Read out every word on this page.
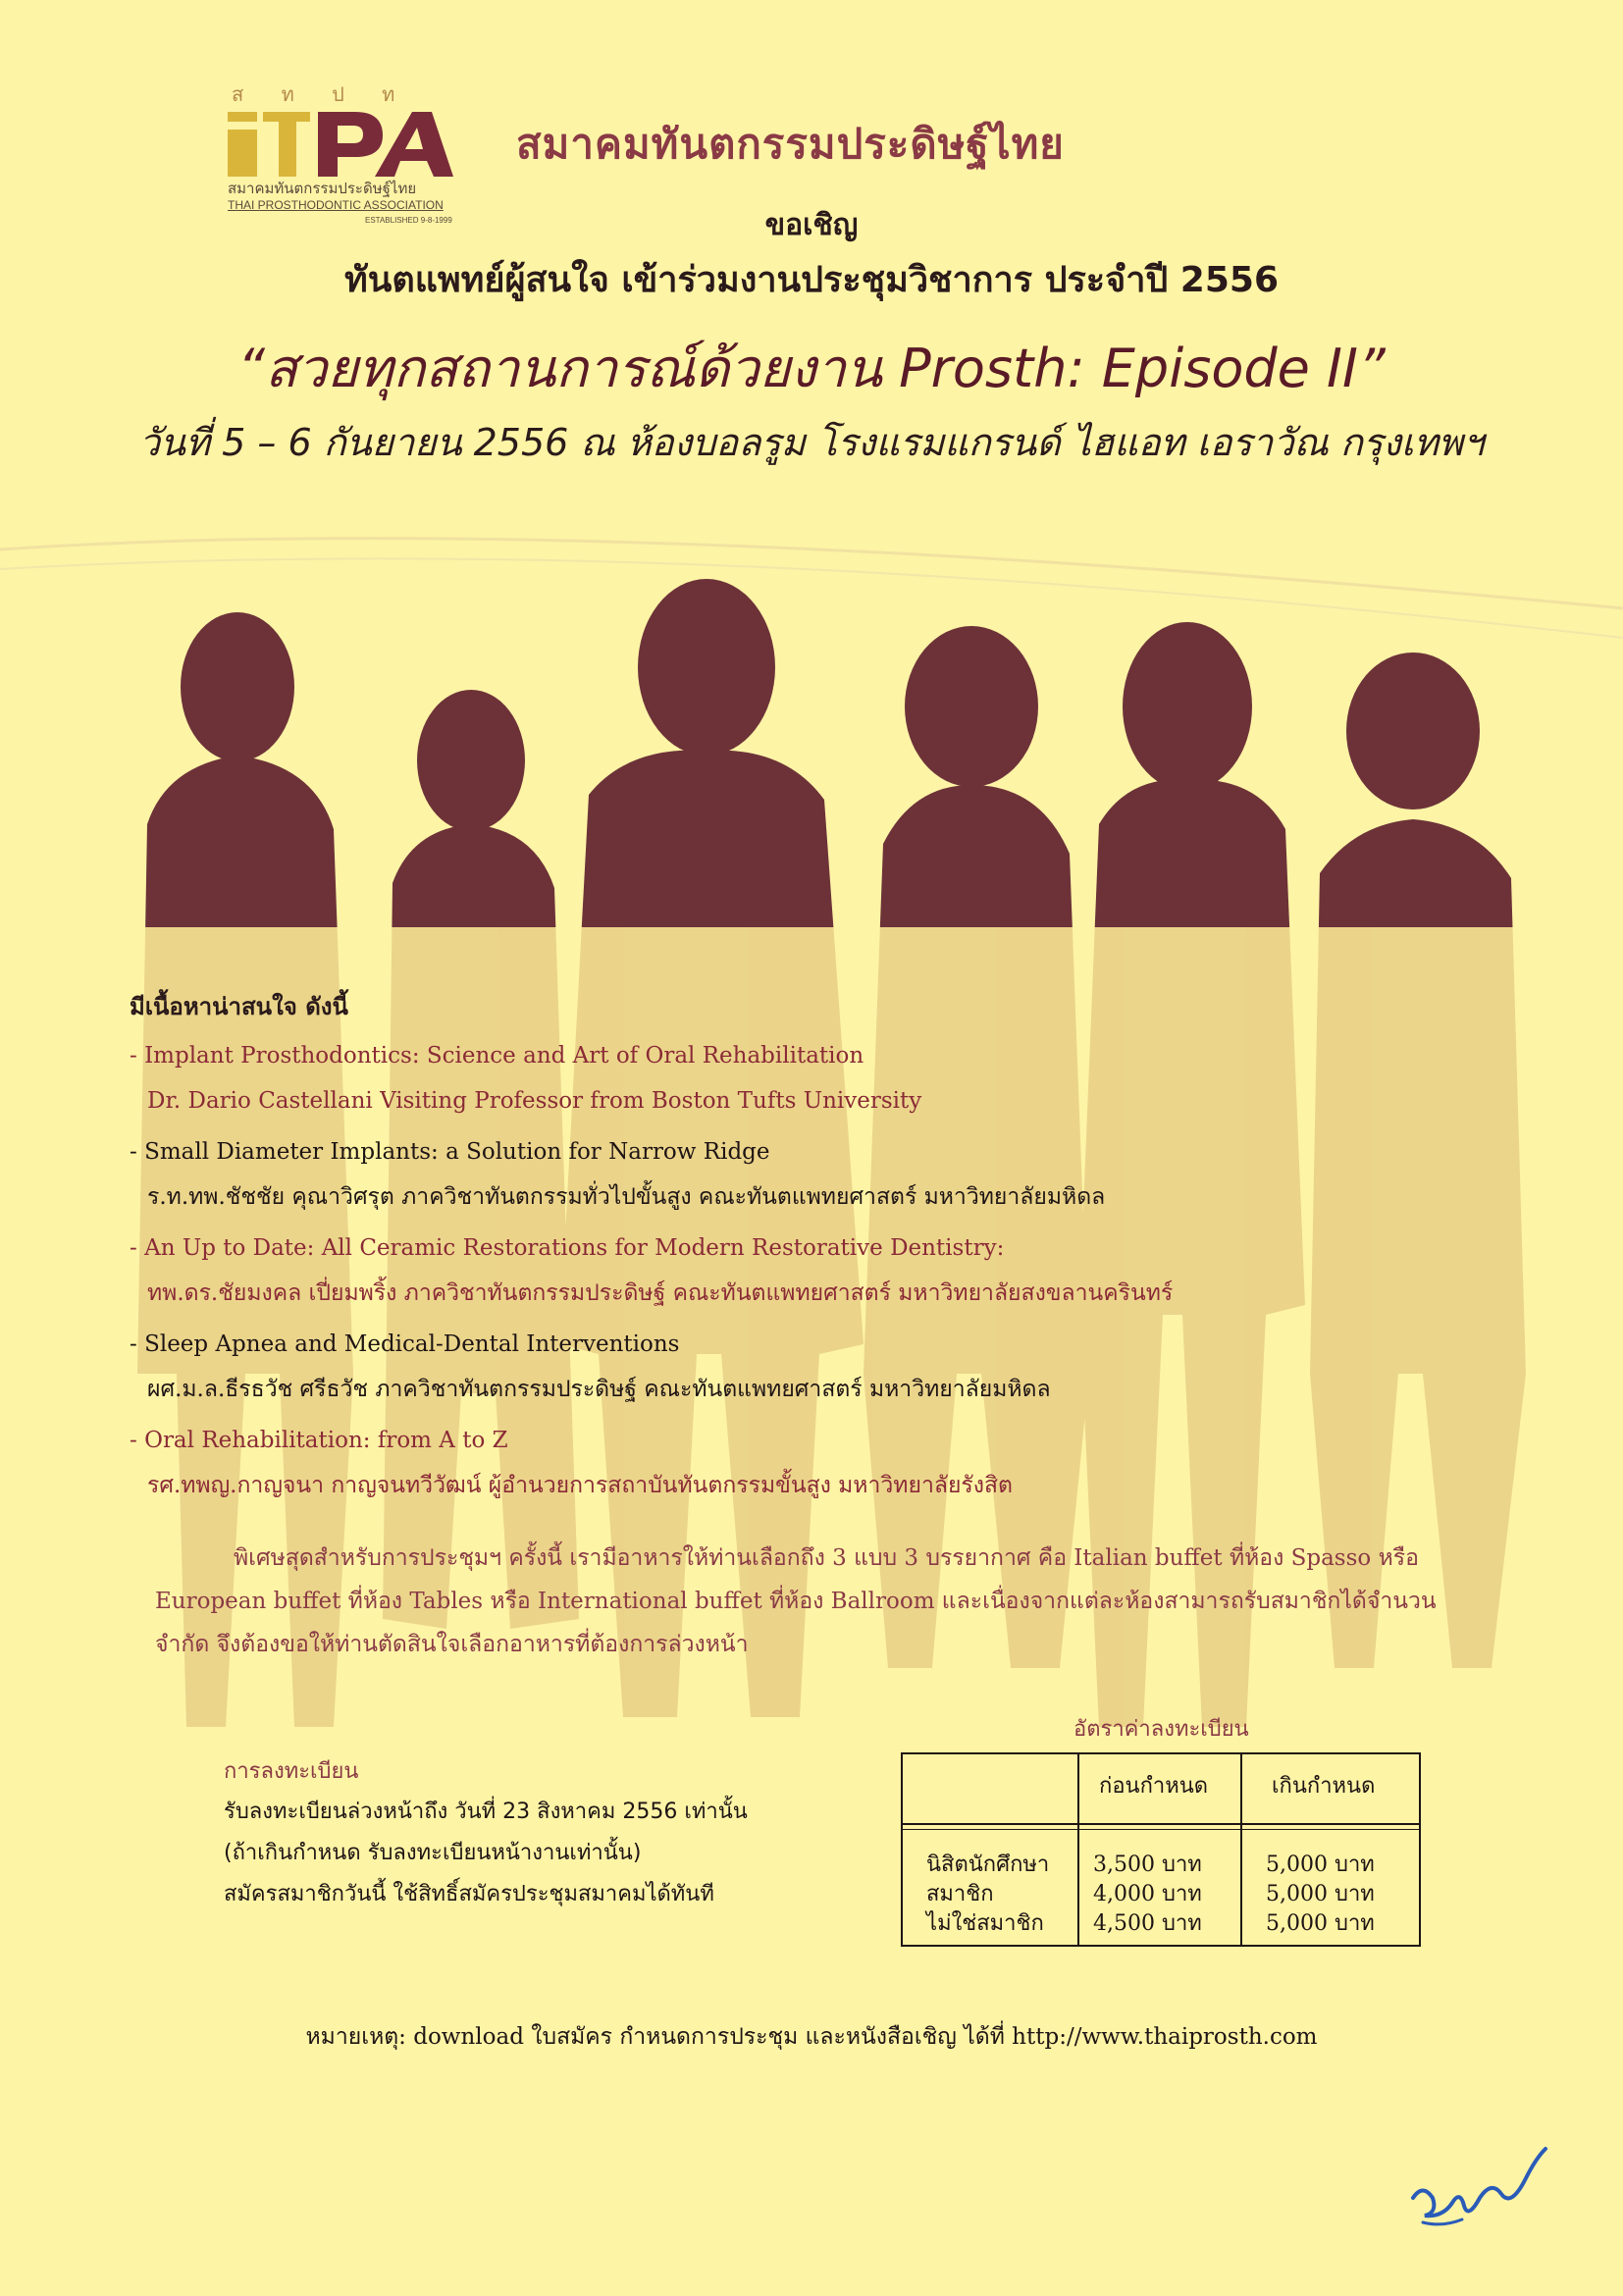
ส ท ป ท
สมาคมทันตกรรมประดิษฐ์ไทย
THAI PROSTHODONTIC ASSOCIATION
ESTABLISHED 9-8-1999
สมาคมทันตกรรมประดิษฐ์ไทย
ขอเชิญ
ทันตแพทย์ผู้สนใจ เข้าร่วมงานประชุมวิชาการ ประจำปี 2556
“สวยทุกสถานการณ์ด้วยงาน Prosth: Episode II”
วันที่ 5 – 6 กันยายน 2556 ณ ห้องบอลรูม โรงแรมแกรนด์ ไฮแอท เอราวัณ กรุงเทพฯ
มีเนื้อหาน่าสนใจ ดังนี้
- Implant Prosthodontics: Science and Art of Oral Rehabilitation
Dr. Dario Castellani Visiting Professor from Boston Tufts University
- Small Diameter Implants: a Solution for Narrow Ridge
ร.ท.ทพ.ชัชชัย คุณาวิศรุต ภาควิชาทันตกรรมทั่วไปขั้นสูง คณะทันตแพทยศาสตร์ มหาวิทยาลัยมหิดล
- An Up to Date: All Ceramic Restorations for Modern Restorative Dentistry:
ทพ.ดร.ชัยมงคล เปี่ยมพริ้ง ภาควิชาทันตกรรมประดิษฐ์ คณะทันตแพทยศาสตร์ มหาวิทยาลัยสงขลานครินทร์
- Sleep Apnea and Medical-Dental Interventions
ผศ.ม.ล.ธีรธวัช ศรีธวัช ภาควิชาทันตกรรมประดิษฐ์ คณะทันตแพทยศาสตร์ มหาวิทยาลัยมหิดล
- Oral Rehabilitation: from A to Z
รศ.ทพญ.กาญจนา กาญจนทวีวัฒน์ ผู้อำนวยการสถาบันทันตกรรมขั้นสูง มหาวิทยาลัยรังสิต
พิเศษสุดสำหรับการประชุมฯ ครั้งนี้ เรามีอาหารให้ท่านเลือกถึง 3 แบบ 3 บรรยากาศ คือ Italian buffet ที่ห้อง Spasso หรือ European buffet ที่ห้อง Tables หรือ International buffet ที่ห้อง Ballroom และเนื่องจากแต่ละห้องสามารถรับสมาชิกได้จำนวนจำกัด จึงต้องขอให้ท่านตัดสินใจเลือกอาหารที่ต้องการล่วงหน้า
การลงทะเบียน
รับลงทะเบียนล่วงหน้าถึง วันที่ 23 สิงหาคม 2556 เท่านั้น
(ถ้าเกินกำหนด รับลงทะเบียนหน้างานเท่านั้น)
สมัครสมาชิกวันนี้ ใช้สิทธิ์สมัครประชุมสมาคมได้ทันที
อัตราค่าลงทะเบียน
ก่อนกำหนด	เกินกำหนด
นิสิตนักศึกษา
สมาชิก
ไม่ใช่สมาชิก
3,500 บาท
4,000 บาท
4,500 บาท
5,000 บาท
5,000 บาท
5,000 บาท
หมายเหตุ: download ใบสมัคร กำหนดการประชุม และหนังสือเชิญ ได้ที่ http://www.thaiprosth.com
